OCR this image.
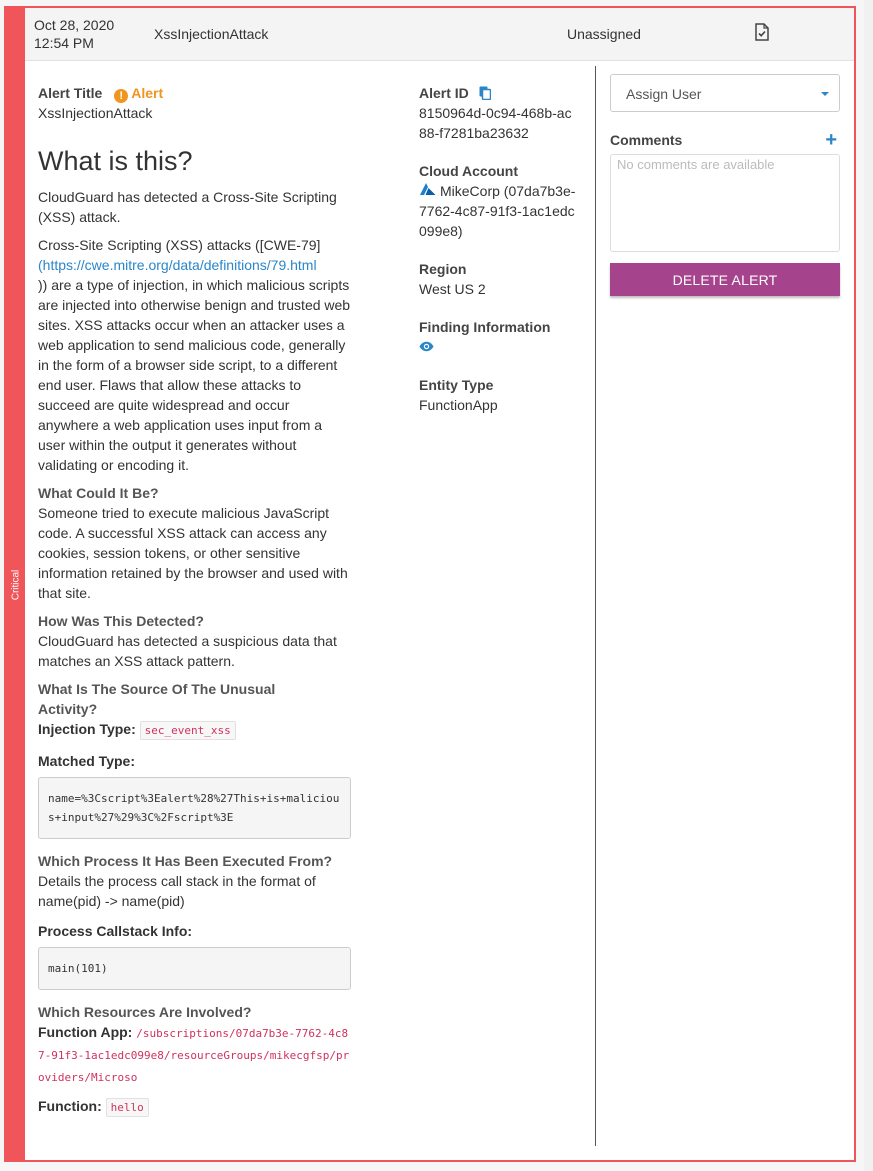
Critical
Oct 28, 2020
12:54 PM
XssInjectionAttack	Unassigned
Alert Title ! Alert
XssInjectionAttack
What is this?

CloudGuard has detected a Cross-Site Scripting (XSS) attack.

Cross-Site Scripting (XSS) attacks ([CWE-79]
(https://cwe.mitre.org/data/definitions/79.html
)) are a type of injection, in which malicious scripts are injected into otherwise benign and trusted web sites. XSS attacks occur when an attacker uses a web application to send malicious code, generally in the form of a browser side script, to a different end user. Flaws that allow these attacks to succeed are quite widespread and occur anywhere a web application uses input from a user within the output it generates without validating or encoding it.

What Could It Be?
Someone tried to execute malicious JavaScript code. A successful XSS attack can access any cookies, session tokens, or other sensitive information retained by the browser and used with that site.
How Was This Detected?
CloudGuard has detected a suspicious data that matches an XSS attack pattern.
What Is The Source Of The Unusual Activity?
Injection Type: sec_event_xss
Matched Type:
name=%3Cscript%3Ealert%28%27This+is+malicious+input%27%29%3C%2Fscript%3E
Which Process It Has Been Executed From?
Details the process call stack in the format of name(pid) -> name(pid)
Process Callstack Info:
main(101)
Which Resources Are Involved?
Function App: /subscriptions/07da7b3e-7762-4c87-91f3-1ac1edc099e8/resourceGroups/mikecgfsp/providers/Microso
Function: hello
Alert ID
8150964d-0c94-468b-ac88-f7281ba23632
Cloud Account
MikeCorp (07da7b3e-7762-4c87-91f3-1ac1edc099e8)
Region
West US 2
Finding Information
Entity Type
FunctionApp
Assign User
Comments	+
No comments are available
DELETE ALERT
